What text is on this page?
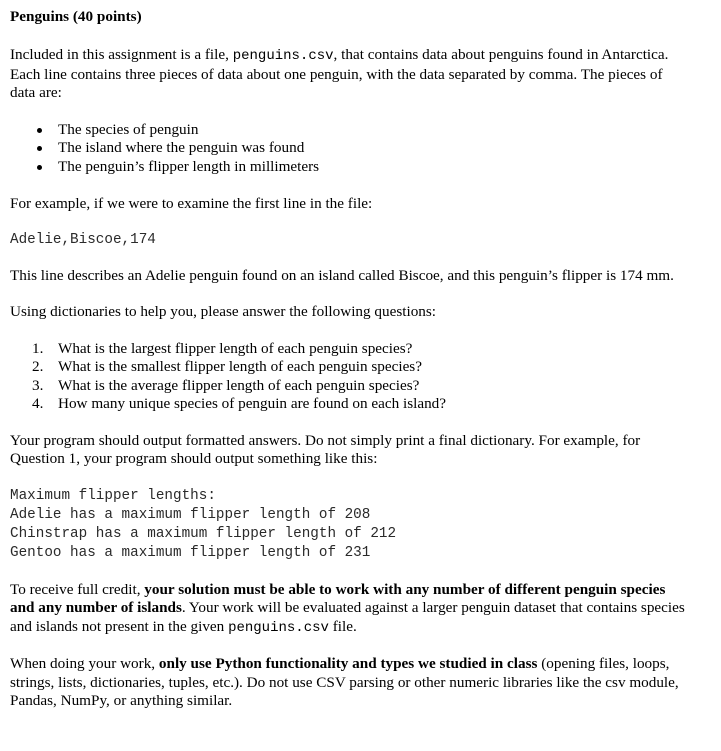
Penguins (40 points)

Included in this assignment is a file, penguins.csv, that contains data about penguins found in Antarctica. Each line contains three pieces of data about one penguin, with the data separated by comma. The pieces of data are:

The species of penguin
The island where the penguin was found
The penguin’s flipper length in millimeters

For example, if we were to examine the first line in the file:

Adelie,Biscoe,174

This line describes an Adelie penguin found on an island called Biscoe, and this penguin’s flipper is 174 mm.

Using dictionaries to help you, please answer the following questions:

1. What is the largest flipper length of each penguin species?
2. What is the smallest flipper length of each penguin species?
3. What is the average flipper length of each penguin species?
4. How many unique species of penguin are found on each island?

Your program should output formatted answers. Do not simply print a final dictionary. For example, for Question 1, your program should output something like this:

Maximum flipper lengths:

Adelie has a maximum flipper length of 208

Chinstrap has a maximum flipper length of 212

Gentoo has a maximum flipper length of 231

To receive full credit, your solution must be able to work with any number of different penguin species and any number of islands. Your work will be evaluated against a larger penguin dataset that contains species and islands not present in the given penguins.csv file.

When doing your work, only use Python functionality and types we studied in class (opening files, loops, strings, lists, dictionaries, tuples, etc.). Do not use CSV parsing or other numeric libraries like the csv module, Pandas, NumPy, or anything similar.
